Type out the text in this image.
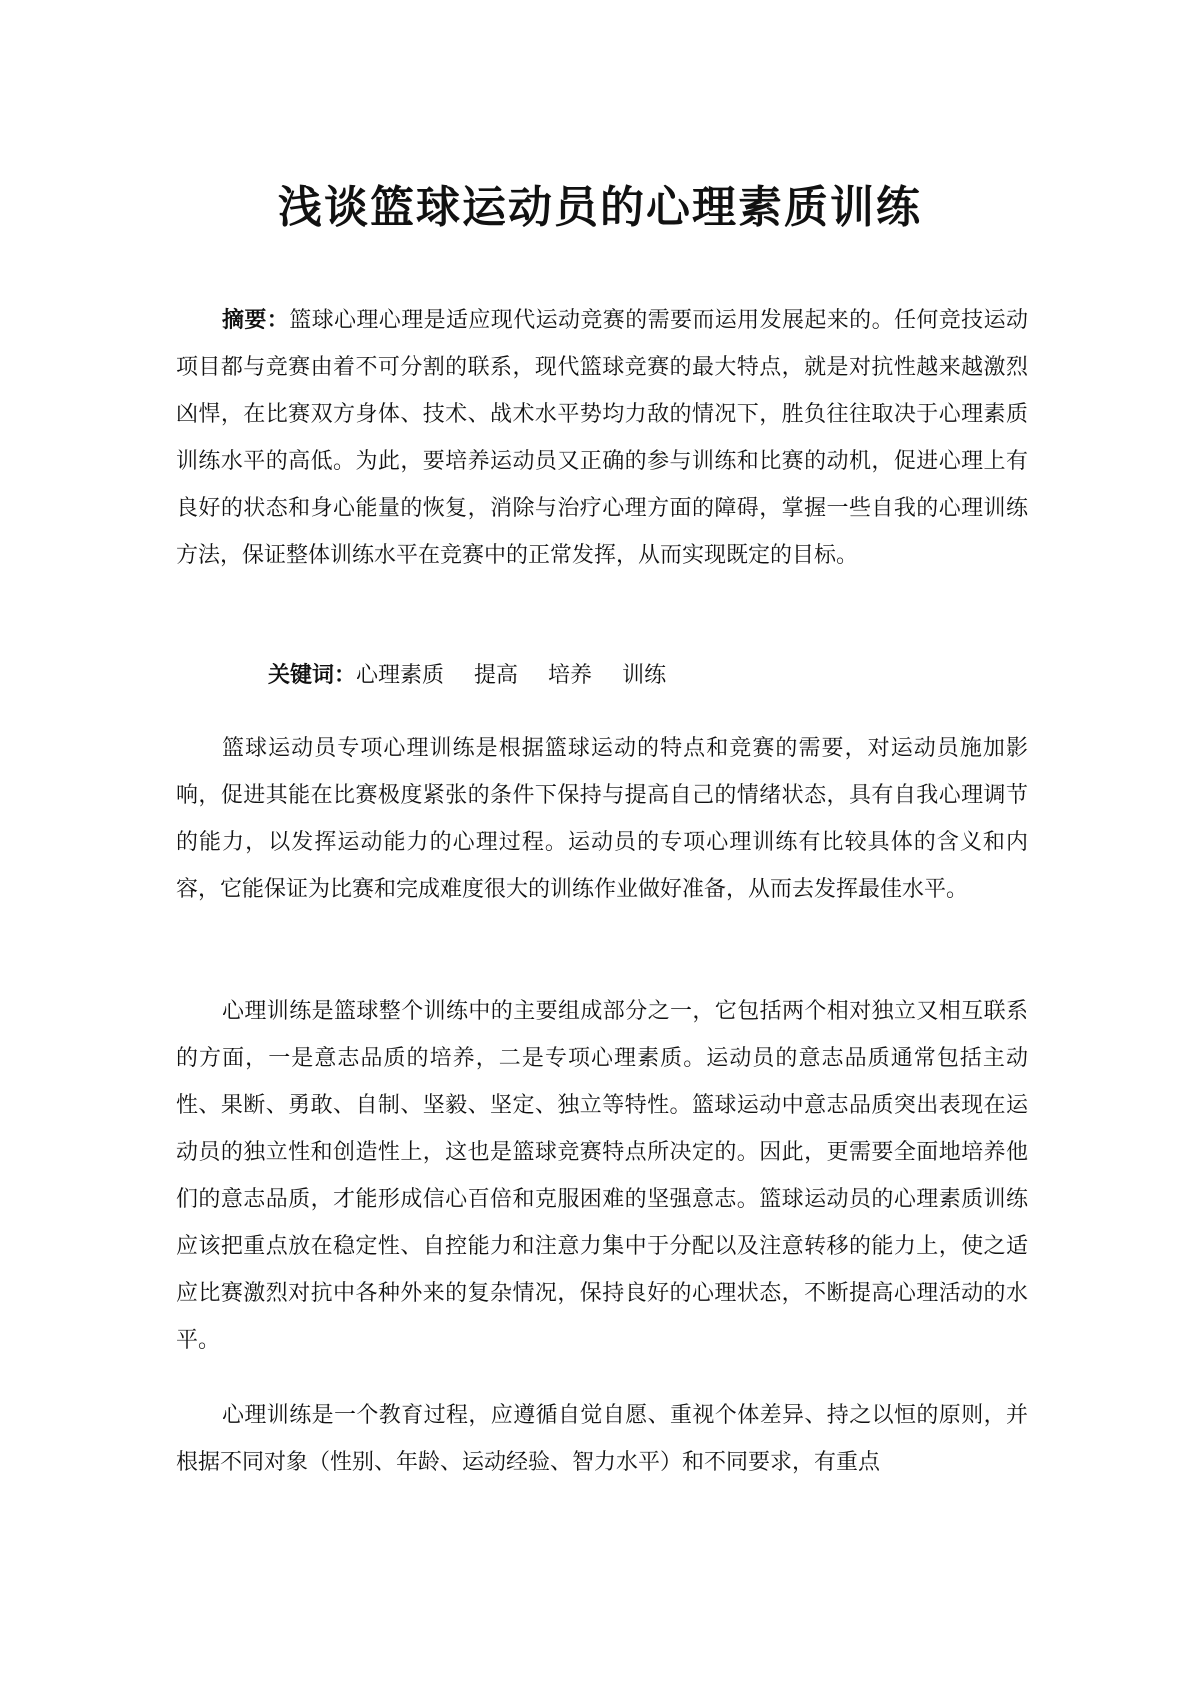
浅谈篮球运动员的心理素质训练
摘要：篮球心理心理是适应现代运动竞赛的需要而运用发展起来的。任何竞技运动项目都与竞赛由着不可分割的联系，现代篮球竞赛的最大特点，就是对抗性越来越激烈凶悍，在比赛双方身体、技术、战术水平势均力敌的情况下，胜负往往取决于心理素质训练水平的高低。为此，要培养运动员又正确的参与训练和比赛的动机，促进心理上有良好的状态和身心能量的恢复，消除与治疗心理方面的障碍，掌握一些自我的心理训练方法，保证整体训练水平在竞赛中的正常发挥，从而实现既定的目标。
关键词：心理素质 提高 培养 训练
篮球运动员专项心理训练是根据篮球运动的特点和竞赛的需要，对运动员施加影响，促进其能在比赛极度紧张的条件下保持与提高自己的情绪状态，具有自我心理调节的能力，以发挥运动能力的心理过程。运动员的专项心理训练有比较具体的含义和内容，它能保证为比赛和完成难度很大的训练作业做好准备，从而去发挥最佳水平。
心理训练是篮球整个训练中的主要组成部分之一，它包括两个相对独立又相互联系的方面，一是意志品质的培养，二是专项心理素质。运动员的意志品质通常包括主动性、果断、勇敢、自制、坚毅、坚定、独立等特性。篮球运动中意志品质突出表现在运动员的独立性和创造性上，这也是篮球竞赛特点所决定的。因此，更需要全面地培养他们的意志品质，才能形成信心百倍和克服困难的坚强意志。篮球运动员的心理素质训练应该把重点放在稳定性、自控能力和注意力集中于分配以及注意转移的能力上，使之适应比赛激烈对抗中各种外来的复杂情况，保持良好的心理状态，不断提高心理活动的水平。
心理训练是一个教育过程，应遵循自觉自愿、重视个体差异、持之以恒的原则，并根据不同对象（性别、年龄、运动经验、智力水平）和不同要求，有重点
